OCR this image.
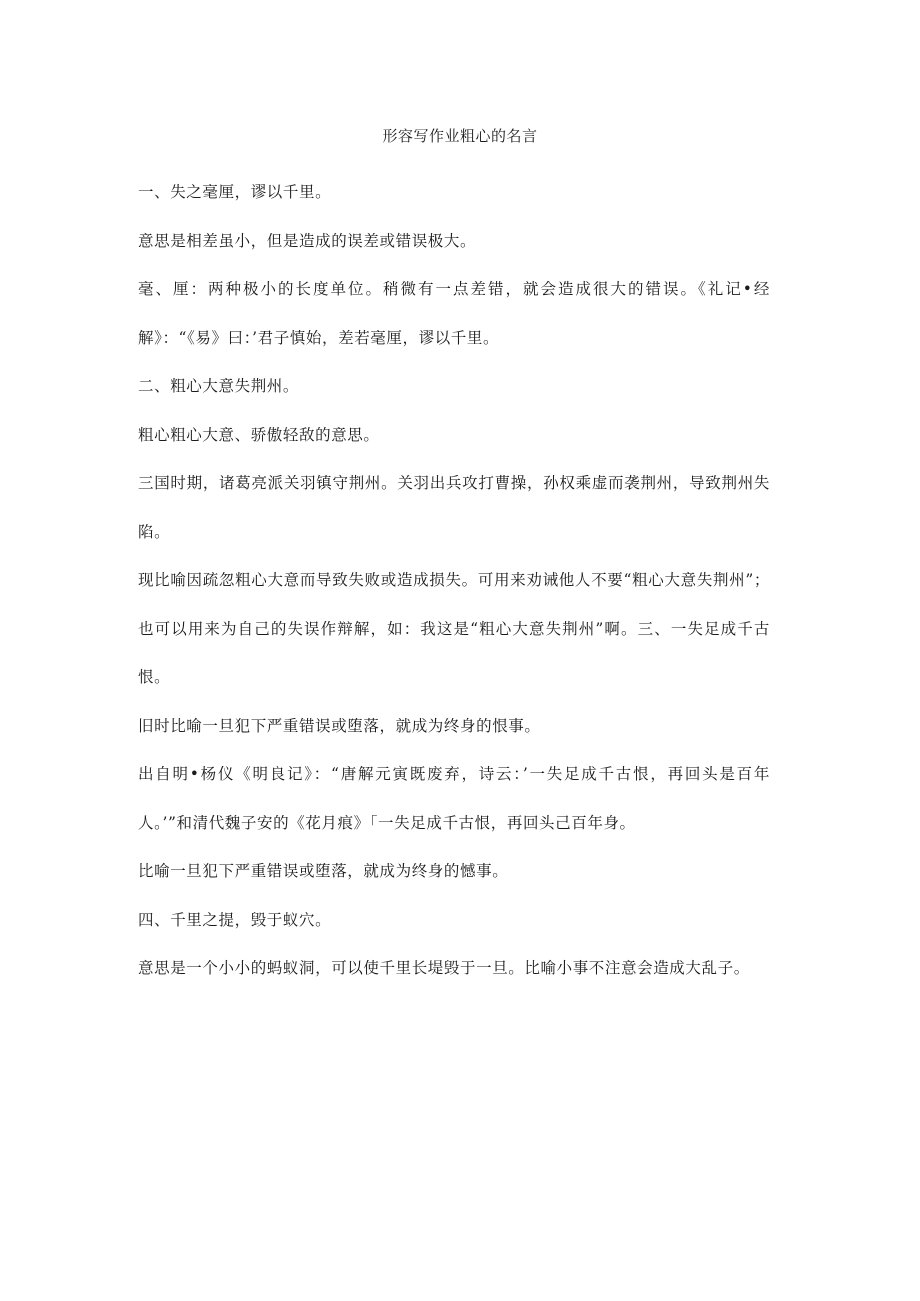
形容写作业粗心的名言

一、失之毫厘，谬以千里。

意思是相差虽小，但是造成的误差或错误极大。

毫、厘：两种极小的长度单位。稍微有一点差错，就会造成很大的错误。《礼记•经解》：“《易》曰：’君子慎始，差若毫厘，谬以千里。

二、粗心大意失荆州。

粗心粗心大意、骄傲轻敌的意思。

三国时期，诸葛亮派关羽镇守荆州。关羽出兵攻打曹操，孙权乘虚而袭荆州，导致荆州失陷。

现比喻因疏忽粗心大意而导致失败或造成损失。可用来劝诫他人不要“粗心大意失荆州”；也可以用来为自己的失误作辩解，如：我这是“粗心大意失荆州”啊。三、一失足成千古恨。

旧时比喻一旦犯下严重错误或堕落，就成为终身的恨事。

出自明•杨仪《明良记》：“唐解元寅既废弃，诗云：’一失足成千古恨，再回头是百年人。’”和清代魏子安的《花月痕》「一失足成千古恨，再回头己百年身。

比喻一旦犯下严重错误或堕落，就成为终身的憾事。

四、千里之提，毁于蚁穴。

意思是一个小小的蚂蚁洞，可以使千里长堤毁于一旦。比喻小事不注意会造成大乱子。
